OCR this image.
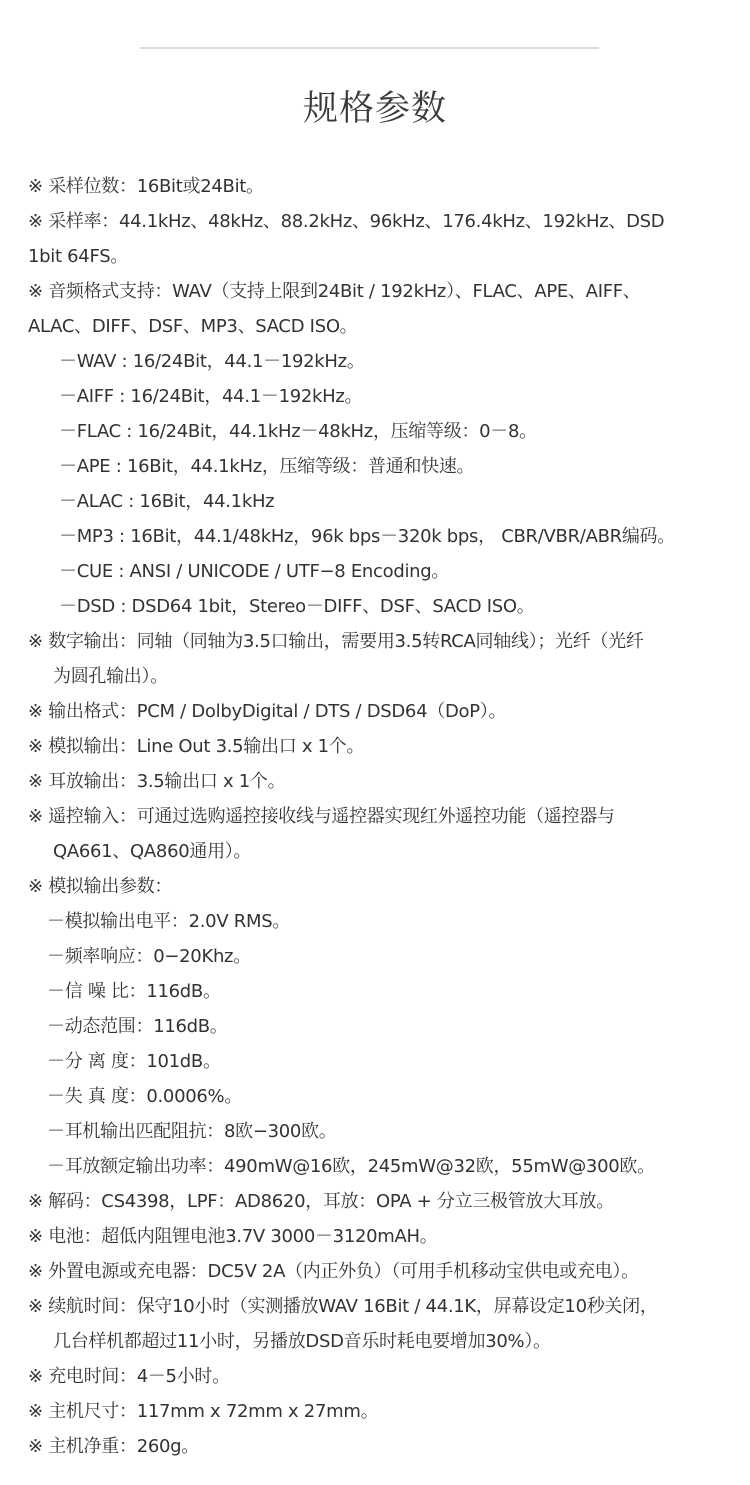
规格参数
※ 采样位数：16Bit或24Bit。
※ 采样率：44.1kHz、48kHz、88.2kHz、96kHz、176.4kHz、192kHz、DSD
1bit 64FS。
※ 音频格式支持：WAV（支持上限到24Bit / 192kHz）、FLAC、APE、AIFF、
ALAC、DIFF、DSF、MP3、SACD ISO。
－WAV : 16/24Bit，44.1－192kHz。
－AIFF : 16/24Bit，44.1－192kHz。
－FLAC : 16/24Bit，44.1kHz－48kHz，压缩等级：0－8。
－APE : 16Bit，44.1kHz，压缩等级：普通和快速。
－ALAC : 16Bit，44.1kHz
－MP3 : 16Bit，44.1/48kHz，96k bps－320k bps， CBR/VBR/ABR编码。
－CUE : ANSI / UNICODE / UTF−8 Encoding。
－DSD : DSD64 1bit，Stereo－DIFF、DSF、SACD ISO。
※ 数字输出：同轴（同轴为3.5口输出，需要用3.5转RCA同轴线）；光纤（光纤
为圆孔输出）。
※ 输出格式：PCM / DolbyDigital / DTS / DSD64（DoP）。
※ 模拟输出：Line Out 3.5输出口 x 1个。
※ 耳放输出：3.5输出口 x 1个。
※ 遥控输入：可通过选购遥控接收线与遥控器实现红外遥控功能（遥控器与
QA661、QA860通用）。
※ 模拟输出参数：
－模拟输出电平：2.0V RMS。
－频率响应：0−20Khz。
－信 噪 比：116dB。
－动态范围：116dB。
－分 离 度：101dB。
－失 真 度：0.0006%。
－耳机输出匹配阻抗：8欧−300欧。
－耳放额定输出功率：490mW@16欧，245mW@32欧，55mW@300欧。
※ 解码：CS4398，LPF：AD8620，耳放：OPA + 分立三极管放大耳放。
※ 电池：超低内阻锂电池3.7V 3000－3120mAH。
※ 外置电源或充电器：DC5V 2A（内正外负）（可用手机移动宝供电或充电）。
※ 续航时间：保守10小时（实测播放WAV 16Bit / 44.1K，屏幕设定10秒关闭，
几台样机都超过11小时，另播放DSD音乐时耗电要增加30%）。
※ 充电时间：4－5小时。
※ 主机尺寸：117mm x 72mm x 27mm。
※ 主机净重：260g。
